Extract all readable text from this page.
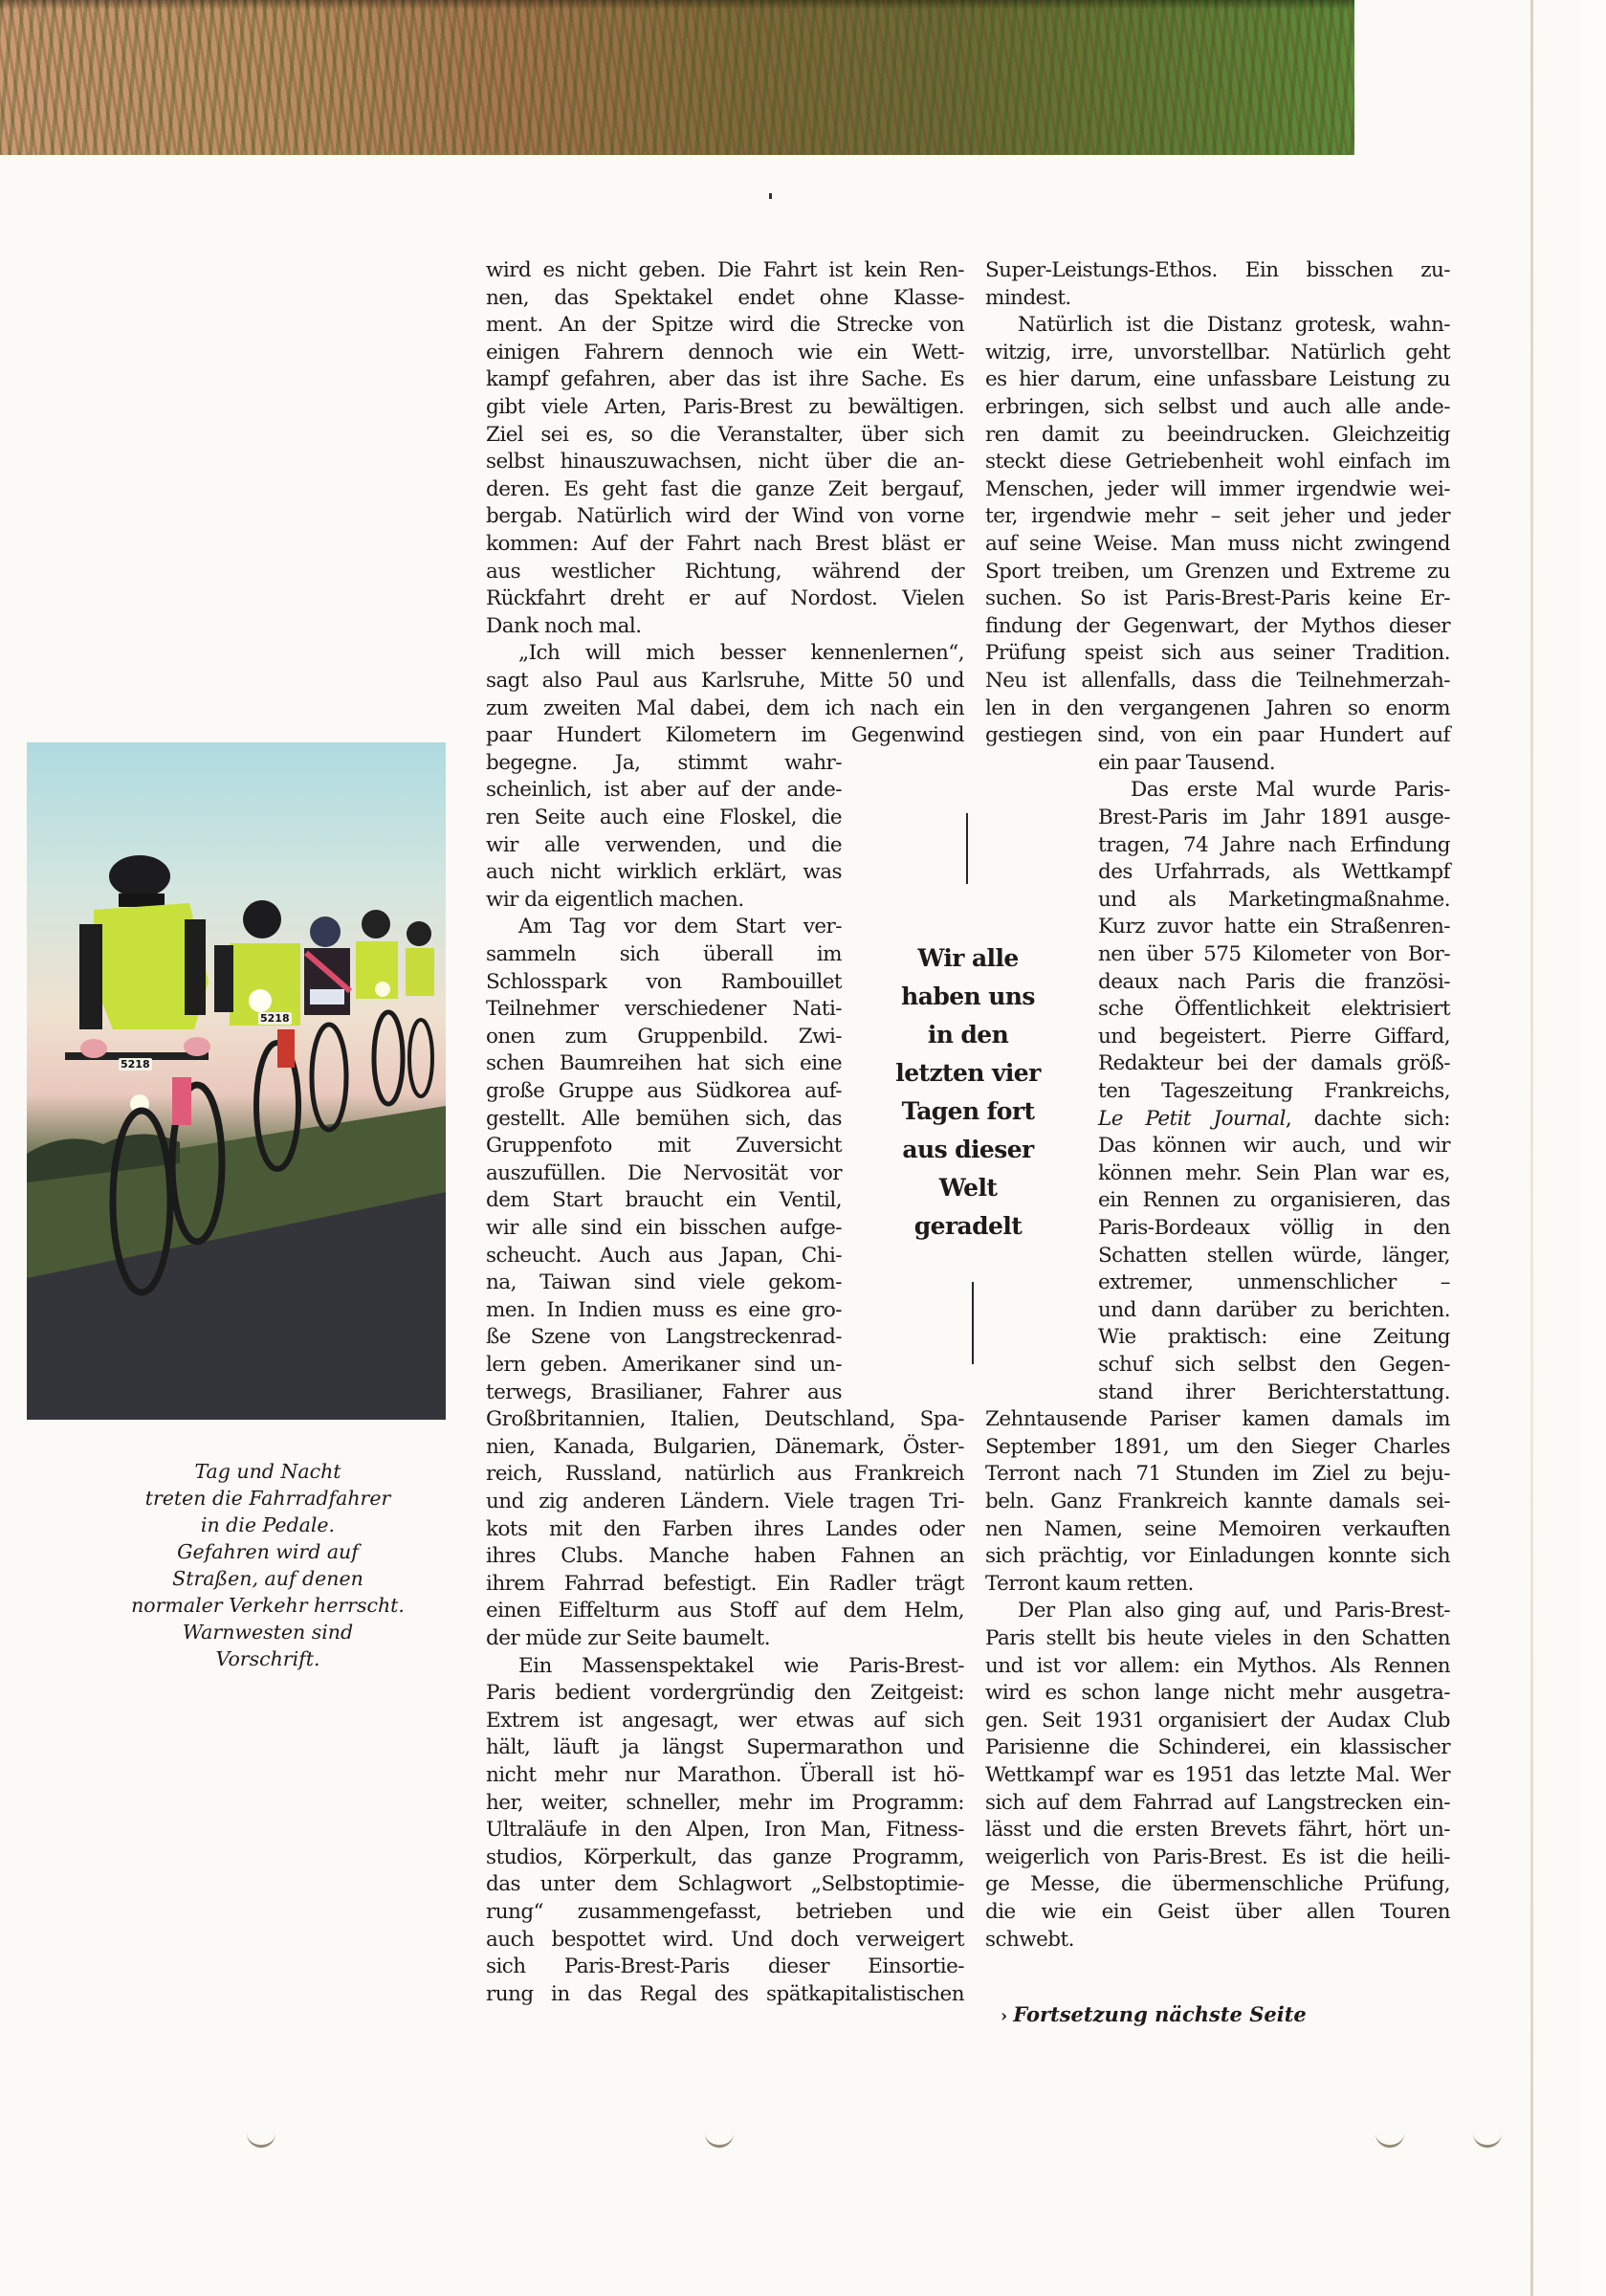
5218
5218
Tag und Nacht
treten die Fahrradfahrer
in die Pedale.
Gefahren wird auf
Straßen, auf denen
normaler Verkehr herrscht.
Warnwesten sind
Vorschrift.
wird es nicht geben. Die Fahrt ist kein Ren-
nen, das Spektakel endet ohne Klasse-
ment. An der Spitze wird die Strecke von
einigen Fahrern dennoch wie ein Wett-
kampf gefahren, aber das ist ihre Sache. Es
gibt viele Arten, Paris-Brest zu bewältigen.
Ziel sei es, so die Veranstalter, über sich
selbst hinauszuwachsen, nicht über die an-
deren. Es geht fast die ganze Zeit bergauf,
bergab. Natürlich wird der Wind von vorne
kommen: Auf der Fahrt nach Brest bläst er
aus westlicher Richtung, während der
Rückfahrt dreht er auf Nordost. Vielen
Dank noch mal.
„Ich will mich besser kennenlernen“,
sagt also Paul aus Karlsruhe, Mitte 50 und
zum zweiten Mal dabei, dem ich nach ein
paar Hundert Kilometern im Gegenwind
begegne. Ja, stimmt wahr-
scheinlich, ist aber auf der ande-
ren Seite auch eine Floskel, die
wir alle verwenden, und die
auch nicht wirklich erklärt, was
wir da eigentlich machen.
Am Tag vor dem Start ver-
sammeln sich überall im
Schlosspark von Rambouillet
Teilnehmer verschiedener Nati-
onen zum Gruppenbild. Zwi-
schen Baumreihen hat sich eine
große Gruppe aus Südkorea auf-
gestellt. Alle bemühen sich, das
Gruppenfoto mit Zuversicht
auszufüllen. Die Nervosität vor
dem Start braucht ein Ventil,
wir alle sind ein bisschen aufge-
scheucht. Auch aus Japan, Chi-
na, Taiwan sind viele gekom-
men. In Indien muss es eine gro-
ße Szene von Langstreckenrad-
lern geben. Amerikaner sind un-
terwegs, Brasilianer, Fahrer aus
Großbritannien, Italien, Deutschland, Spa-
nien, Kanada, Bulgarien, Dänemark, Öster-
reich, Russland, natürlich aus Frankreich
und zig anderen Ländern. Viele tragen Tri-
kots mit den Farben ihres Landes oder
ihres Clubs. Manche haben Fahnen an
ihrem Fahrrad befestigt. Ein Radler trägt
einen Eiffelturm aus Stoff auf dem Helm,
der müde zur Seite baumelt.
Ein Massenspektakel wie Paris-Brest-
Paris bedient vordergründig den Zeitgeist:
Extrem ist angesagt, wer etwas auf sich
hält, läuft ja längst Supermarathon und
nicht mehr nur Marathon. Überall ist hö-
her, weiter, schneller, mehr im Programm:
Ultraläufe in den Alpen, Iron Man, Fitness-
studios, Körperkult, das ganze Programm,
das unter dem Schlagwort „Selbstoptimie-
rung“ zusammengefasst, betrieben und
auch bespottet wird. Und doch verweigert
sich Paris-Brest-Paris dieser Einsortie-
rung in das Regal des spätkapitalistischen
Wir alle
haben uns
in den
letzten vier
Tagen fort
aus dieser
Welt
geradelt
Super-Leistungs-Ethos. Ein bisschen zu-
mindest.
Natürlich ist die Distanz grotesk, wahn-
witzig, irre, unvorstellbar. Natürlich geht
es hier darum, eine unfassbare Leistung zu
erbringen, sich selbst und auch alle ande-
ren damit zu beeindrucken. Gleichzeitig
steckt diese Getriebenheit wohl einfach im
Menschen, jeder will immer irgendwie wei-
ter, irgendwie mehr – seit jeher und jeder
auf seine Weise. Man muss nicht zwingend
Sport treiben, um Grenzen und Extreme zu
suchen. So ist Paris-Brest-Paris keine Er-
findung der Gegenwart, der Mythos dieser
Prüfung speist sich aus seiner Tradition.
Neu ist allenfalls, dass die Teilnehmerzah-
len in den vergangenen Jahren so enorm
gestiegen sind, von ein paar Hundert auf
ein paar Tausend.
Das erste Mal wurde Paris-
Brest-Paris im Jahr 1891 ausge-
tragen, 74 Jahre nach Erfindung
des Urfahrrads, als Wettkampf
und als Marketingmaßnahme.
Kurz zuvor hatte ein Straßenren-
nen über 575 Kilometer von Bor-
deaux nach Paris die französi-
sche Öffentlichkeit elektrisiert
und begeistert. Pierre Giffard,
Redakteur bei der damals größ-
ten Tageszeitung Frankreichs,
Le Petit Journal, dachte sich:
Das können wir auch, und wir
können mehr. Sein Plan war es,
ein Rennen zu organisieren, das
Paris-Bordeaux völlig in den
Schatten stellen würde, länger,
extremer, unmenschlicher –
und dann darüber zu berichten.
Wie praktisch: eine Zeitung
schuf sich selbst den Gegen-
stand ihrer Berichterstattung.
Zehntausende Pariser kamen damals im
September 1891, um den Sieger Charles
Terront nach 71 Stunden im Ziel zu beju-
beln. Ganz Frankreich kannte damals sei-
nen Namen, seine Memoiren verkauften
sich prächtig, vor Einladungen konnte sich
Terront kaum retten.
Der Plan also ging auf, und Paris-Brest-
Paris stellt bis heute vieles in den Schatten
und ist vor allem: ein Mythos. Als Rennen
wird es schon lange nicht mehr ausgetra-
gen. Seit 1931 organisiert der Audax Club
Parisienne die Schinderei, ein klassischer
Wettkampf war es 1951 das letzte Mal. Wer
sich auf dem Fahrrad auf Langstrecken ein-
lässt und die ersten Brevets fährt, hört un-
weigerlich von Paris-Brest. Es ist die heili-
ge Messe, die übermenschliche Prüfung,
die wie ein Geist über allen Touren
schwebt.
› Fortsetzung nächste Seite
